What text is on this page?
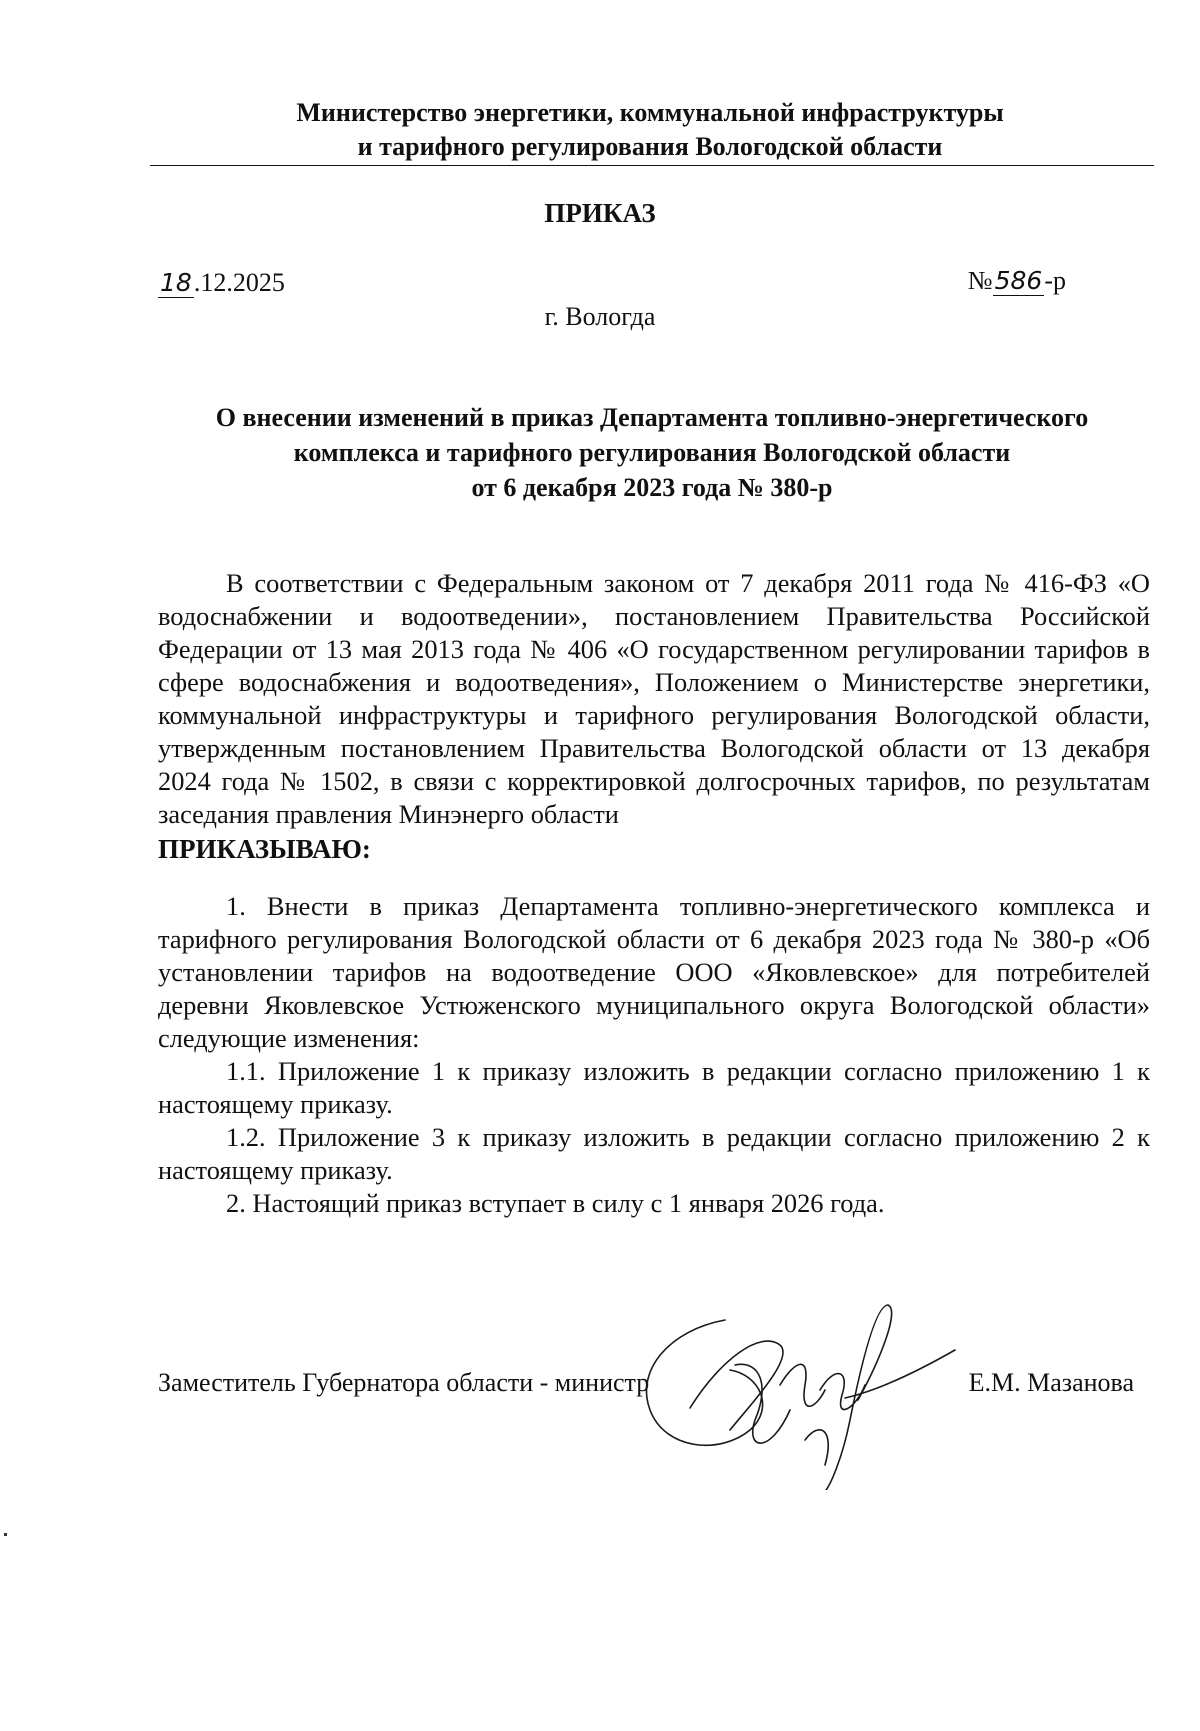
Министерство энергетики, коммунальной инфраструктуры
и тарифного регулирования Вологодской области
ПРИКАЗ
18.12.2025	№586-р
г. Вологда
О внесении изменений в приказ Департамента топливно-энергетического
комплекса и тарифного регулирования Вологодской области
от 6 декабря 2023 года № 380-р

В соответствии с Федеральным законом от 7 декабря 2011 года № 416-ФЗ «О водоснабжении и водоотведении», постановлением Правительства Российской Федерации от 13 мая 2013 года № 406 «О государственном регулировании тарифов в сфере водоснабжения и водоотведения», Положением о Министерстве энергетики, коммунальной инфраструктуры и тарифного регулирования Вологодской области, утвержденным постановлением Правительства Вологодской области от 13 декабря 2024 года № 1502, в связи с корректировкой долгосрочных тарифов, по результатам заседания правления Минэнерго области

ПРИКАЗЫВАЮ:

1. Внести в приказ Департамента топливно-энергетического комплекса и тарифного регулирования Вологодской области от 6 декабря 2023 года № 380-р «Об установлении тарифов на водоотведение ООО «Яковлевское» для потребителей деревни Яковлевское Устюженского муниципального округа Вологодской области» следующие изменения:

1.1. Приложение 1 к приказу изложить в редакции согласно приложению 1 к настоящему приказу.

1.2. Приложение 3 к приказу изложить в редакции согласно приложению 2 к настоящему приказу.

2. Настоящий приказ вступает в силу с 1 января 2026 года.

Заместитель Губернатора области - министр	Е.М. Мазанова
